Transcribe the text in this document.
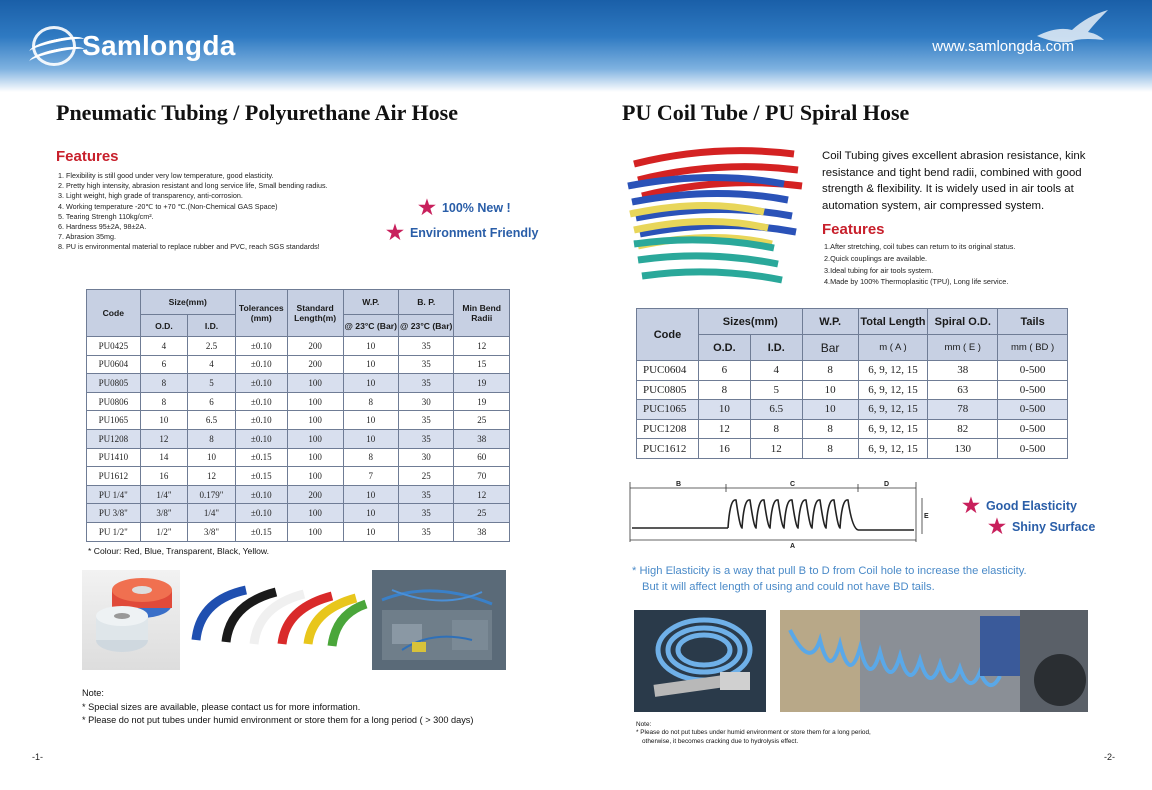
Samlongda	www.samlongda.com
Pneumatic Tubing / Polyurethane Air Hose
Features
1. Flexibility is still good under very low temperature, good elasticity.
2. Pretty high intensity, abrasion resistant and long service life, Small bending radius.
3. Light weight, high grade of transparency, anti-corrosion.
4. Working temperature -20℃ to +70 ℃.(Non-Chemical GAS Space)
5. Tearing Strengh 110kg/cm².
6. Hardness 95±2A, 98±2A.
7. Abrasion 35mg.
8. PU is environmental material to replace rubber and PVC, reach SGS standards!
★ 100% New !
★ Environment Friendly
Code	Size(mm)		Tolerances (mm)	Standard Length(m)	W.P.	B. P.	Min Bend Radii
	O.D.	I.D.			@ 23°C (Bar)	@ 23°C (Bar)	
PU0425	4	2.5	±0.10	200	10	35	12
PU0604	6	4	±0.10	200	10	35	15
PU0805	8	5	±0.10	100	10	35	19
PU0806	8	6	±0.10	100	8	30	19
PU1065	10	6.5	±0.10	100	10	35	25
PU1208	12	8	±0.10	100	10	35	38
PU1410	14	10	±0.15	100	8	30	60
PU1612	16	12	±0.15	100	7	25	70
PU 1/4"	1/4"	0.179"	±0.10	200	10	35	12
PU 3/8"	3/8"	1/4"	±0.10	100	10	35	25
PU 1/2"	1/2"	3/8"	±0.15	100	10	35	38
* Colour: Red, Blue, Transparent, Black, Yellow.
Note:
* Special sizes are available, please contact us for more information.
* Please do not put tubes under humid environment or store them for a long period ( > 300 days)
-1-
PU Coil Tube / PU Spiral Hose
Coil Tubing gives excellent abrasion resistance, kink resistance and tight bend radii, combined with good strength & flexibility. It is widely used in air tools at automation system, air compressed system.
Features
1.After stretching, coil tubes can return to its original status.
2.Quick couplings are available.
3.Ideal tubing for air tools system.
4.Made by 100% Thermoplasitic (TPU), Long life service.
Code	Sizes(mm)		W.P.	Total Length	Spiral O.D.	Tails
	O.D.	I.D.	Bar	m ( A )	mm ( E )	mm ( BD )
PUC0604	6	4	8	6, 9, 12, 15	38	0-500
PUC0805	8	5	10	6, 9, 12, 15	63	0-500
PUC1065	10	6.5	10	6, 9, 12, 15	78	0-500
PUC1208	12	8	8	6, 9, 12, 15	82	0-500
PUC1612	16	12	8	6, 9, 12, 15	130	0-500
B	C	D
E
A
★ Good Elasticity
★ Shiny Surface
* High Elasticity is a way that pull B to D from Coil hole to increase the elasticity.
But it will affect length of using and could not have BD tails.
Note:
* Please do not put tubes under humid environment or store them for a long period,
otherwise, it becomes cracking due to hydrolysis effect.
-2-
